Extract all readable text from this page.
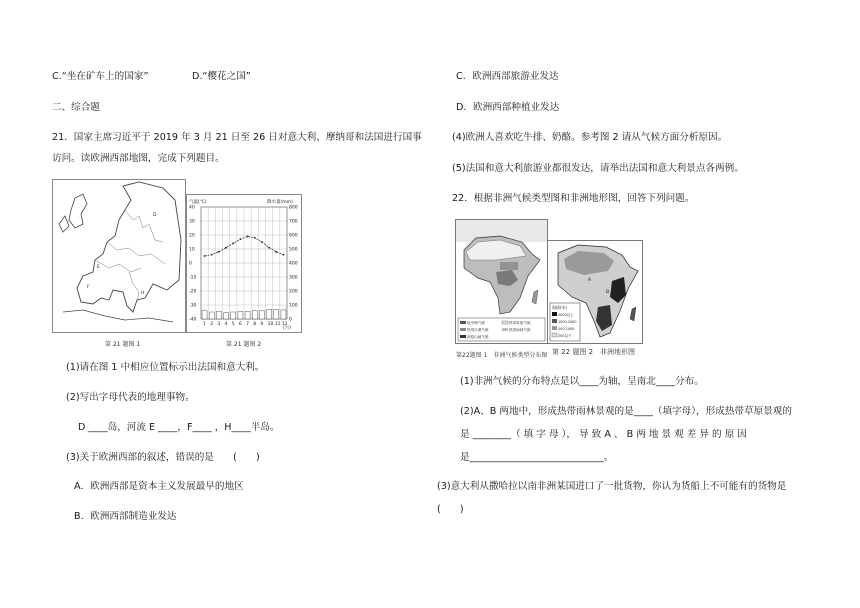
C.“坐在矿车上的国家”	D.“樱花之国”
二、综合题
21．国家主席习近平于 2019 年 3 月 21 日至 26 日对意大利、摩纳哥和法国进行国事
访问。读欧洲西部地图，完成下列题目。
D
E
F
H
气温(℃)	降水量(mm)
(月)
40	800
30	700
20	600
10	500
0	400
-10	300
-20	200
-30	100
-40	0
1 2 3 4 5 6 7 8 9 10 11 12
第 21 题图 1	第 21 题图 2
(1)请在图 1 中相应位置标示出法国和意大利。
(2)写出字母代表的地理事物。
D ____岛，河流 E ____，F____ ，H____半岛。
(3)关于欧洲西部的叙述，错误的是　　(　　)
A．欧洲西部是资本主义发展最早的地区
B．欧洲西部制造业发达
C．欧洲西部旅游业发达
D．欧洲西部种植业发达
(4)欧洲人喜欢吃牛排、奶酪。参考图 2 请从气候方面分析原因。
(5)法国和意大利旅游业都很发达，请举出法国和意大利景点各两例。
22．根据非洲气候类型图和非洲地形图，回答下列问题。
地中海气候	热带草原气候
热带沙漠气候	热带雨林气候
高原山地气候
A
B
海拔(米)
2000以上
1000-2000
200-1000
200以下
第22题图 1　非洲气候类型分布图 第 22 题图 2　非洲地形图
(1)非洲气候的分布特点是以____为轴，呈南北____分布。
(2)A、B 两地中，形成热带雨林景观的是____（填字母），形成热带草原景观的
是 ________（ 填 字 母 ）， 导 致 A 、 B 两 地 景 观 差 异 的 原 因
是____________________________。
(3)意大利从撒哈拉以南非洲某国进口了一批货物，你认为货船上不可能有的货物是
(　　)
